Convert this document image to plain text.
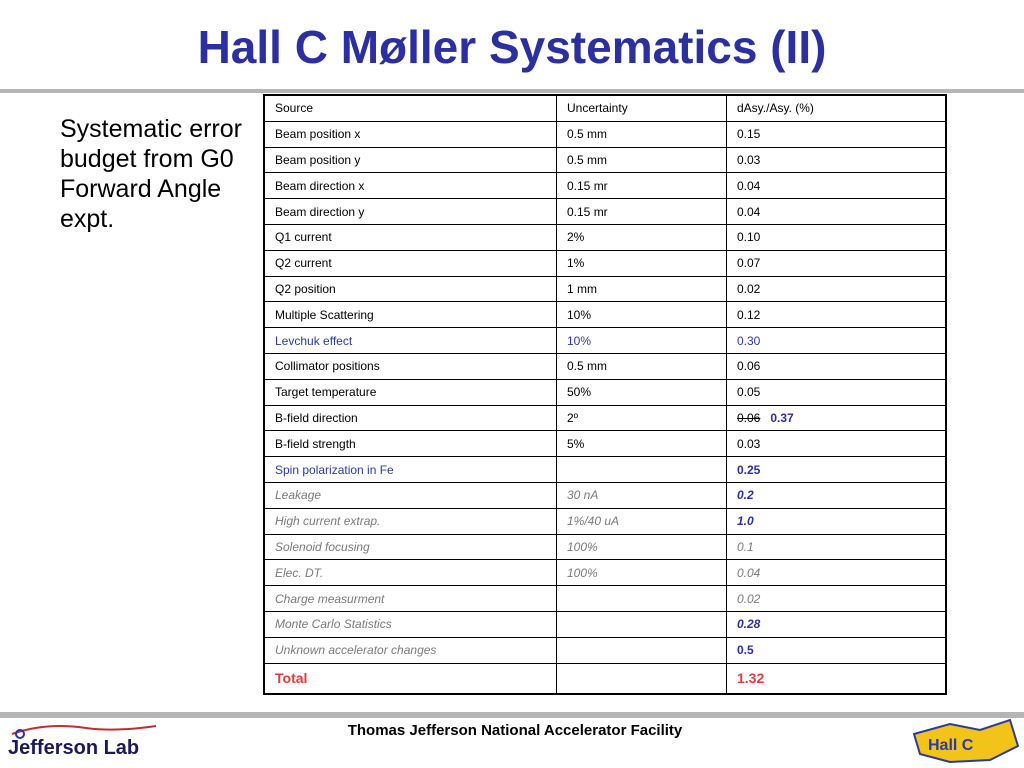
Hall C Møller Systematics (II)
Systematic error budget from G0 Forward Angle expt.
Source	Uncertainty	dAsy./Asy. (%)
Beam position x	0.5 mm	0.15
Beam position y	0.5 mm	0.03
Beam direction x	0.15 mr	0.04
Beam direction y	0.15 mr	0.04
Q1 current	2%	0.10
Q2 current	1%	0.07
Q2 position	1 mm	0.02
Multiple Scattering	10%	0.12
Levchuk effect	10%	0.30
Collimator positions	0.5 mm	0.06
Target temperature	50%	0.05
B-field direction	2º	0.06 0.37
B-field strength	5%	0.03
Spin polarization in Fe		0.25
Leakage	30 nA	0.2
High current extrap.	1%/40 uA	1.0
Solenoid focusing	100%	0.1
Elec. DT.	100%	0.04
Charge measurment		0.02
Monte Carlo Statistics		0.28
Unknown accelerator changes		0.5
Total		1.32
Jefferson Lab
Thomas Jefferson National Accelerator Facility
Hall C
